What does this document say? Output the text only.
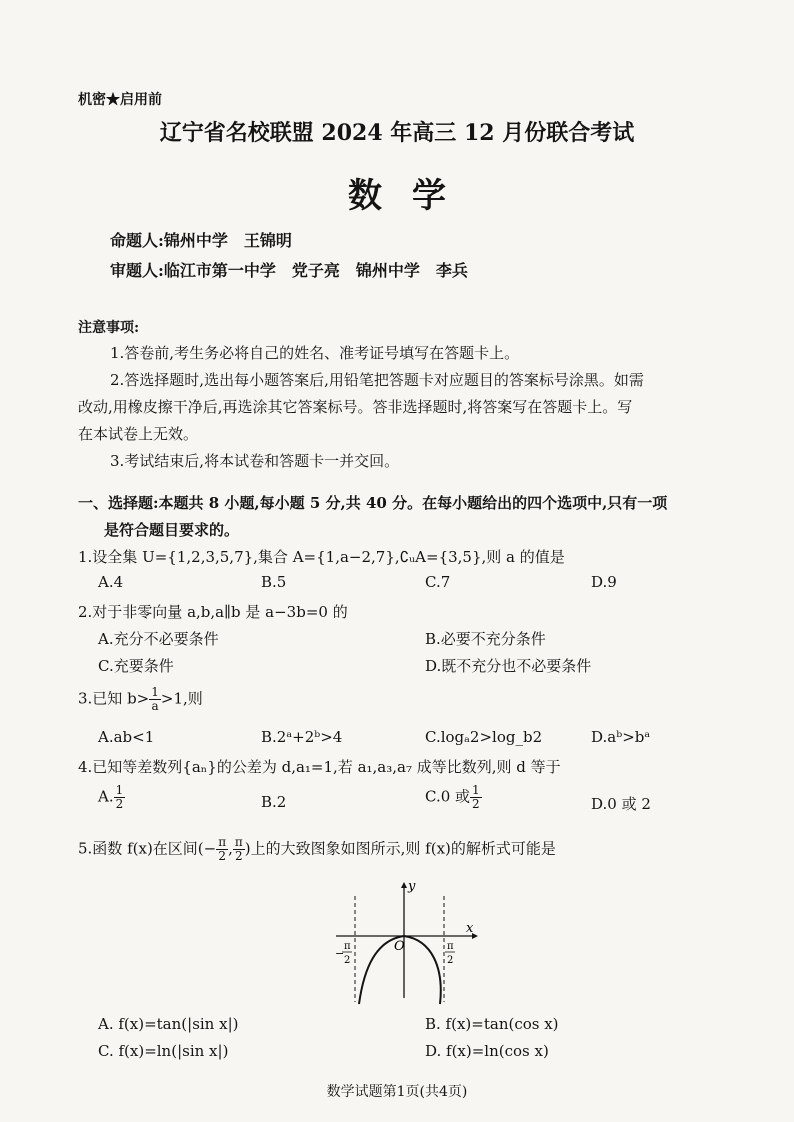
机密★启用前
辽宁省名校联盟 2024 年高三 12 月份联合考试
数学
命题人:锦州中学　王锦明
审题人:临江市第一中学　党子亮　锦州中学　李兵
注意事项:
1.答卷前,考生务必将自己的姓名、准考证号填写在答题卡上。
2.答选择题时,选出每小题答案后,用铅笔把答题卡对应题目的答案标号涂黑。如需
改动,用橡皮擦干净后,再选涂其它答案标号。答非选择题时,将答案写在答题卡上。写
在本试卷上无效。
3.考试结束后,将本试卷和答题卡一并交回。
一、选择题:本题共 8 小题,每小题 5 分,共 40 分。在每小题给出的四个选项中,只有一项
是符合题目要求的。
1.设全集 U={1,2,3,5,7},集合 A={1,a−2,7},∁ᵤA={3,5},则 a 的值是
A.4	B.5	C.7	D.9
2.对于非零向量 a,b,a∥b 是 a−3b=0 的
A.充分不必要条件	B.必要不充分条件
C.充要条件	D.既不充分也不必要条件
3.已知 $b> \frac{1}{a} >1$,则
A.ab<1	B.2ᵃ+2ᵇ>4	C.logₐ2>log_b2	D.aᵇ>bᵃ
4.已知等差数列{aₙ}的公差为 d,a₁=1,若 a₁,a₃,a₇ 成等比数列,则 d 等于
A. $\frac{1}{2}$	B.2	C.0 或 $\frac{1}{2}$	D.0 或 2
5.函数 f(x)在区间(− $\frac{\pi}{2}$ , $\frac{\pi}{2}$ )上的大致图象如图所示,则 f(x)的解析式可能是
y
x
O
−
π
2
π
2
A. f(x)=tan(|sin x|)	B. f(x)=tan(cos x)
C. f(x)=ln(|sin x|)	D. f(x)=ln(cos x)
数学试题第1页(共4页)
